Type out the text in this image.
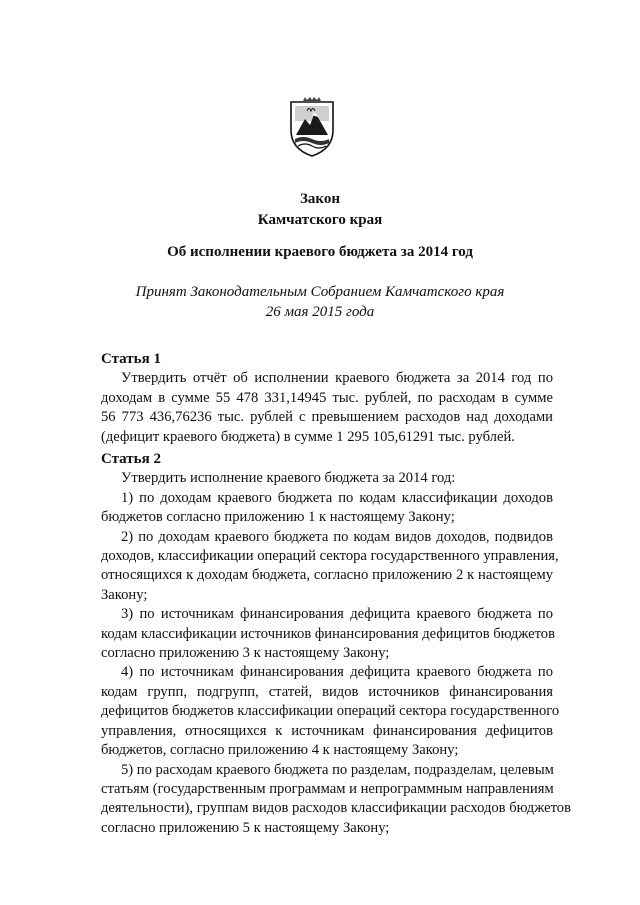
Закон
Камчатского края
Об исполнении краевого бюджета за 2014 год
Принят Законодательным Собранием Камчатского края
26 мая 2015 года
Статья 1
Утвердить отчёт об исполнении краевого бюджета за 2014 год по
доходам в сумме 55 478 331,14945 тыс. рублей, по расходам в сумме
56 773 436,76236 тыс. рублей с превышением расходов над доходами
(дефицит краевого бюджета) в сумме 1 295 105,61291 тыс. рублей.
Статья 2
Утвердить исполнение краевого бюджета за 2014 год:
1) по доходам краевого бюджета по кодам классификации доходов
бюджетов согласно приложению 1 к настоящему Закону;
2) по доходам краевого бюджета по кодам видов доходов, подвидов
доходов, классификации операций сектора государственного управления,
относящихся к доходам бюджета, согласно приложению 2 к настоящему
Закону;
3) по источникам финансирования дефицита краевого бюджета по
кодам классификации источников финансирования дефицитов бюджетов
согласно приложению 3 к настоящему Закону;
4) по источникам финансирования дефицита краевого бюджета по
кодам групп, подгрупп, статей, видов источников финансирования
дефицитов бюджетов классификации операций сектора государственного
управления, относящихся к источникам финансирования дефицитов
бюджетов, согласно приложению 4 к настоящему Закону;
5) по расходам краевого бюджета по разделам, подразделам, целевым
статьям (государственным программам и непрограммным направлениям
деятельности), группам видов расходов классификации расходов бюджетов
согласно приложению 5 к настоящему Закону;
